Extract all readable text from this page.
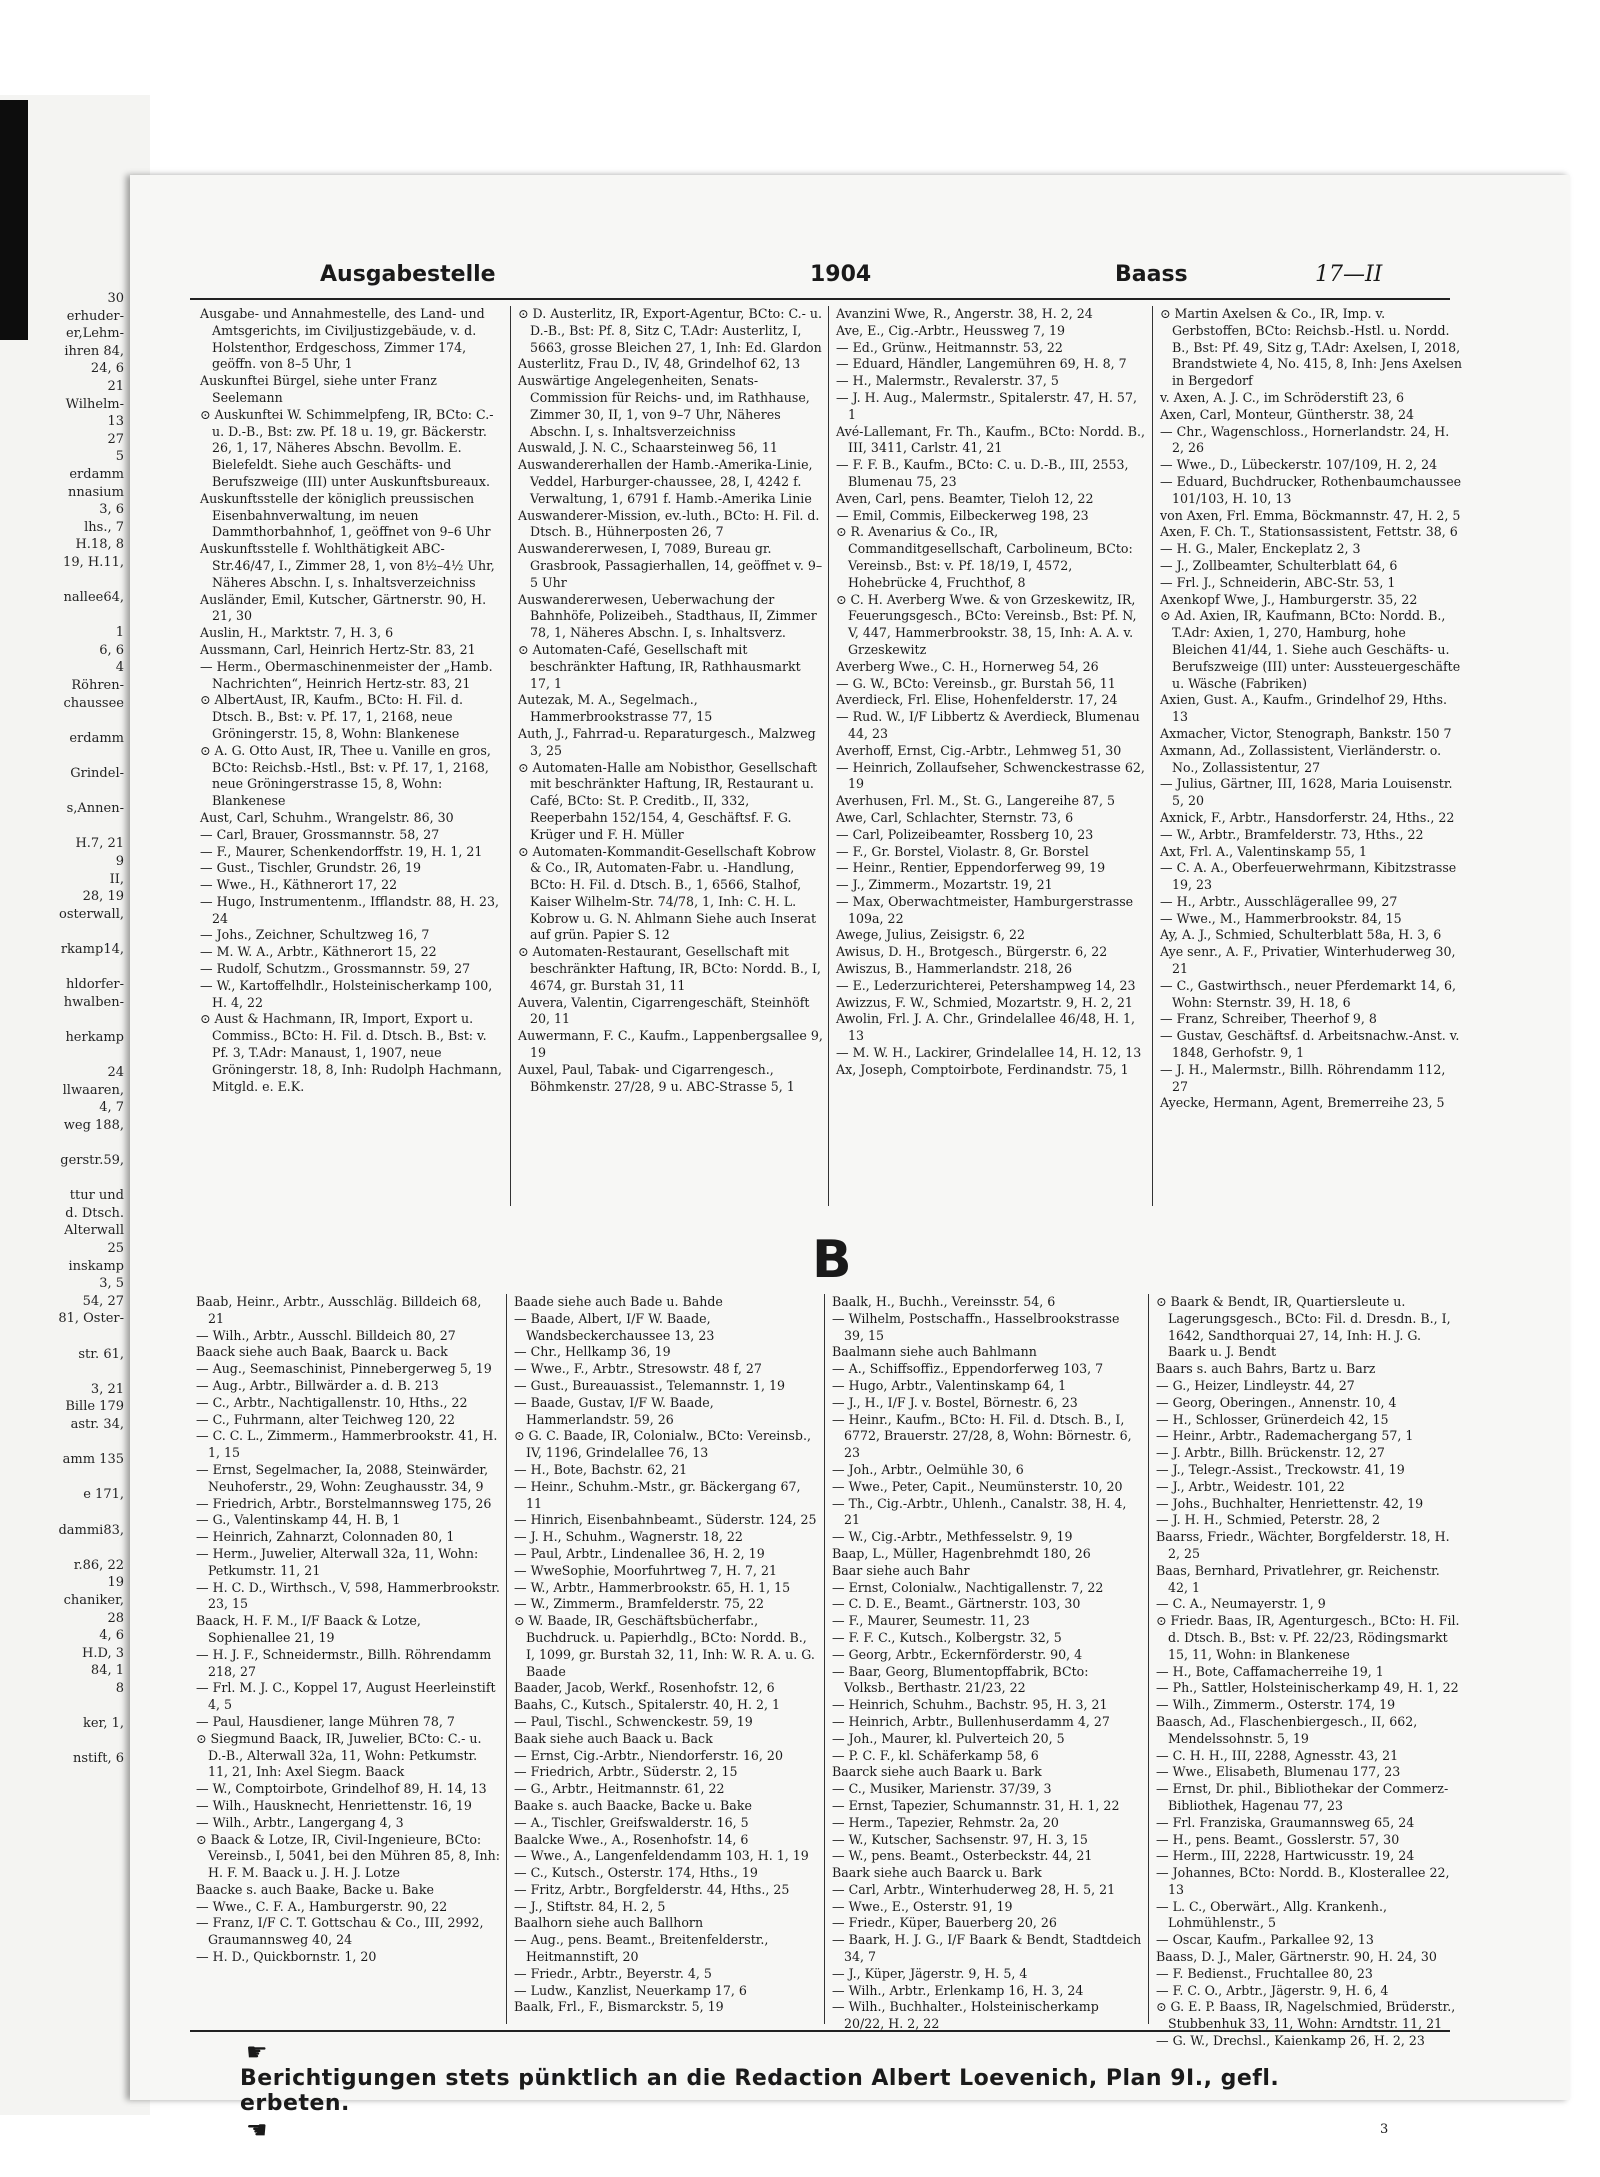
30
erhuder-
er,Lehm-
ihren 84,
24, 6
21
Wilhelm-
13
27
5
erdamm
nnasium
3, 6
lhs., 7
H.18, 8
19, H.11,

nallee64,

1
6, 6
4
Röhren-
chaussee

erdamm

Grindel-

s,Annen-

H.7, 21
9
II,
28, 19
osterwall,

rkamp14,

hldorfer-
hwalben-

herkamp

24
llwaaren,
4, 7
weg 188,

gerstr.59,

ttur und
d. Dtsch.
Alterwall
25
inskamp
3, 5
54, 27
81, Oster-

str. 61,

3, 21
Bille 179
astr. 34,

amm 135

e 171,

dammi83,

r.86, 22
19
chaniker,
28
4, 6
H.D, 3
84, 1
8

ker, 1,

nstift, 6
Ausgabestelle	1904	Baass	17—II
Ausgabe- und Annahmestelle, des Land- und Amtsgerichts, im Civiljustizgebäude, v. d. Holstenthor, Erdgeschoss, Zimmer 174, geöffn. von 8–5 Uhr, 1
Auskunftei Bürgel, siehe unter Franz Seelemann
⊙ Auskunftei W. Schimmelpfeng, IR, BCto: C.- u. D.-B., Bst: zw. Pf. 18 u. 19, gr. Bäckerstr. 26, 1, 17, Näheres Abschn. Bevollm. E. Bielefeldt. Siehe auch Geschäfts- und Berufszweige (III) unter Auskunftsbureaux.
Auskunftsstelle der königlich preussischen Eisenbahnverwaltung, im neuen Dammthorbahnhof, 1, geöffnet von 9–6 Uhr
Auskunftsstelle f. Wohlthätigkeit ABC-Str.46/47, I., Zimmer 28, 1, von 8½–4½ Uhr, Näheres Abschn. I, s. Inhaltsverzeichniss
Ausländer, Emil, Kutscher, Gärtnerstr. 90, H. 21, 30
Auslin, H., Marktstr. 7, H. 3, 6
Aussmann, Carl, Heinrich Hertz-Str. 83, 21
— Herm., Obermaschinenmeister der „Hamb. Nachrichten“, Heinrich Hertz-str. 83, 21
⊙ AlbertAust, IR, Kaufm., BCto: H. Fil. d. Dtsch. B., Bst: v. Pf. 17, 1, 2168, neue Gröningerstr. 15, 8, Wohn: Blankenese
⊙ A. G. Otto Aust, IR, Thee u. Vanille en gros, BCto: Reichsb.-Hstl., Bst: v. Pf. 17, 1, 2168, neue Gröningerstrasse 15, 8, Wohn: Blankenese
Aust, Carl, Schuhm., Wrangelstr. 86, 30
— Carl, Brauer, Grossmannstr. 58, 27
— F., Maurer, Schenkendorffstr. 19, H. 1, 21
— Gust., Tischler, Grundstr. 26, 19
— Wwe., H., Käthnerort 17, 22
— Hugo, Instrumentenm., Ifflandstr. 88, H. 23, 24
— Johs., Zeichner, Schultzweg 16, 7
— M. W. A., Arbtr., Käthnerort 15, 22
— Rudolf, Schutzm., Grossmannstr. 59, 27
— W., Kartoffelhdlr., Holsteinischerkamp 100, H. 4, 22
⊙ Aust & Hachmann, IR, Import, Export u. Commiss., BCto: H. Fil. d. Dtsch. B., Bst: v. Pf. 3, T.Adr: Manaust, 1, 1907, neue Gröningerstr. 18, 8, Inh: Rudolph Hachmann, Mitgld. e. E.K.
⊙ D. Austerlitz, IR, Export-Agentur, BCto: C.- u. D.-B., Bst: Pf. 8, Sitz C, T.Adr: Austerlitz, I, 5663, grosse Bleichen 27, 1, Inh: Ed. Glardon
Austerlitz, Frau D., IV, 48, Grindelhof 62, 13
Auswärtige Angelegenheiten, Senats-Commission für Reichs- und, im Rathhause, Zimmer 30, II, 1, von 9–7 Uhr, Näheres Abschn. I, s. Inhaltsverzeichniss
Auswald, J. N. C., Schaarsteinweg 56, 11
Auswandererhallen der Hamb.-Amerika-Linie, Veddel, Harburger-chaussee, 28, I, 4242 f. Verwaltung, 1, 6791 f. Hamb.-Amerika Linie
Auswanderer-Mission, ev.-luth., BCto: H. Fil. d. Dtsch. B., Hühnerposten 26, 7
Auswandererwesen, I, 7089, Bureau gr. Grasbrook, Passagierhallen, 14, geöffnet v. 9–5 Uhr
Auswandererwesen, Ueberwachung der Bahnhöfe, Polizeibeh., Stadthaus, II, Zimmer 78, 1, Näheres Abschn. I, s. Inhaltsverz.
⊙ Automaten-Café, Gesellschaft mit beschränkter Haftung, IR, Rathhausmarkt 17, 1
Autezak, M. A., Segelmach., Hammerbrookstrasse 77, 15
Auth, J., Fahrrad-u. Reparaturgesch., Malzweg 3, 25
⊙ Automaten-Halle am Nobisthor, Gesellschaft mit beschränkter Haftung, IR, Restaurant u. Café, BCto: St. P. Creditb., II, 332, Reeperbahn 152/154, 4, Geschäftsf. F. G. Krüger und F. H. Müller
⊙ Automaten-Kommandit-Gesellschaft Kobrow & Co., IR, Automaten-Fabr. u. -Handlung, BCto: H. Fil. d. Dtsch. B., 1, 6566, Stalhof, Kaiser Wilhelm-Str. 74/78, 1, Inh: C. H. L. Kobrow u. G. N. Ahlmann Siehe auch Inserat auf grün. Papier S. 12
⊙ Automaten-Restaurant, Gesellschaft mit beschränkter Haftung, IR, BCto: Nordd. B., I, 4674, gr. Burstah 31, 11
Auvera, Valentin, Cigarrengeschäft, Steinhöft 20, 11
Auwermann, F. C., Kaufm., Lappenbergsallee 9, 19
Auxel, Paul, Tabak- und Cigarrengesch., Böhmkenstr. 27/28, 9 u. ABC-Strasse 5, 1
Avanzini Wwe, R., Angerstr. 38, H. 2, 24
Ave, E., Cig.-Arbtr., Heussweg 7, 19
— Ed., Grünw., Heitmannstr. 53, 22
— Eduard, Händler, Langemühren 69, H. 8, 7
— H., Malermstr., Revalerstr. 37, 5
— J. H. Aug., Malermstr., Spitalerstr. 47, H. 57, 1
Avé-Lallemant, Fr. Th., Kaufm., BCto: Nordd. B., III, 3411, Carlstr. 41, 21
— F. F. B., Kaufm., BCto: C. u. D.-B., III, 2553, Blumenau 75, 23
Aven, Carl, pens. Beamter, Tieloh 12, 22
— Emil, Commis, Eilbeckerweg 198, 23
⊙ R. Avenarius & Co., IR, Commanditgesellschaft, Carbolineum, BCto: Vereinsb., Bst: v. Pf. 18/19, I, 4572, Hohebrücke 4, Fruchthof, 8
⊙ C. H. Averberg Wwe. & von Grzeskewitz, IR, Feuerungsgesch., BCto: Vereinsb., Bst: Pf. N, V, 447, Hammerbrookstr. 38, 15, Inh: A. A. v. Grzeskewitz
Averberg Wwe., C. H., Hornerweg 54, 26
— G. W., BCto: Vereinsb., gr. Burstah 56, 11
Averdieck, Frl. Elise, Hohenfelderstr. 17, 24
— Rud. W., I/F Libbertz & Averdieck, Blumenau 44, 23
Averhoff, Ernst, Cig.-Arbtr., Lehmweg 51, 30
— Heinrich, Zollaufseher, Schwenckestrasse 62, 19
Averhusen, Frl. M., St. G., Langereihe 87, 5
Awe, Carl, Schlachter, Sternstr. 73, 6
— Carl, Polizeibeamter, Rossberg 10, 23
— F., Gr. Borstel, Violastr. 8, Gr. Borstel
— Heinr., Rentier, Eppendorferweg 99, 19
— J., Zimmerm., Mozartstr. 19, 21
— Max, Oberwachtmeister, Hamburgerstrasse 109a, 22
Awege, Julius, Zeisigstr. 6, 22
Awisus, D. H., Brotgesch., Bürgerstr. 6, 22
Awiszus, B., Hammerlandstr. 218, 26
— E., Lederzurichterei, Petershampweg 14, 23
Awizzus, F. W., Schmied, Mozartstr. 9, H. 2, 21
Awolin, Frl. J. A. Chr., Grindelallee 46/48, H. 1, 13
— M. W. H., Lackirer, Grindelallee 14, H. 12, 13
Ax, Joseph, Comptoirbote, Ferdinandstr. 75, 1
⊙ Martin Axelsen & Co., IR, Imp. v. Gerbstoffen, BCto: Reichsb.-Hstl. u. Nordd. B., Bst: Pf. 49, Sitz g, T.Adr: Axelsen, I, 2018, Brandstwiete 4, No. 415, 8, Inh: Jens Axelsen in Bergedorf
v. Axen, A. J. C., im Schröderstift 23, 6
Axen, Carl, Monteur, Güntherstr. 38, 24
— Chr., Wagenschloss., Hornerlandstr. 24, H. 2, 26
— Wwe., D., Lübeckerstr. 107/109, H. 2, 24
— Eduard, Buchdrucker, Rothenbaumchaussee 101/103, H. 10, 13
von Axen, Frl. Emma, Böckmannstr. 47, H. 2, 5
Axen, F. Ch. T., Stationsassistent, Fettstr. 38, 6
— H. G., Maler, Enckeplatz 2, 3
— J., Zollbeamter, Schulterblatt 64, 6
— Frl. J., Schneiderin, ABC-Str. 53, 1
Axenkopf Wwe, J., Hamburgerstr. 35, 22
⊙ Ad. Axien, IR, Kaufmann, BCto: Nordd. B., T.Adr: Axien, 1, 270, Hamburg, hohe Bleichen 41/44, 1. Siehe auch Geschäfts- u. Berufszweige (III) unter: Aussteuergeschäfte u. Wäsche (Fabriken)
Axien, Gust. A., Kaufm., Grindelhof 29, Hths. 13
Axmacher, Victor, Stenograph, Bankstr. 150 7
Axmann, Ad., Zollassistent, Vierländerstr. o. No., Zollassistentur, 27
— Julius, Gärtner, III, 1628, Maria Louisenstr. 5, 20
Axnick, F., Arbtr., Hansdorferstr. 24, Hths., 22
— W., Arbtr., Bramfelderstr. 73, Hths., 22
Axt, Frl. A., Valentinskamp 55, 1
— C. A. A., Oberfeuerwehrmann, Kibitzstrasse 19, 23
— H., Arbtr., Ausschlägerallee 99, 27
— Wwe., M., Hammerbrookstr. 84, 15
Ay, A. J., Schmied, Schulterblatt 58a, H. 3, 6
Aye senr., A. F., Privatier, Winterhuderweg 30, 21
— C., Gastwirthsch., neuer Pferdemarkt 14, 6, Wohn: Sternstr. 39, H. 18, 6
— Franz, Schreiber, Theerhof 9, 8
— Gustav, Geschäftsf. d. Arbeitsnachw.-Anst. v. 1848, Gerhofstr. 9, 1
— J. H., Malermstr., Billh. Röhrendamm 112, 27
Ayecke, Hermann, Agent, Bremerreihe 23, 5
B
Baab, Heinr., Arbtr., Ausschläg. Billdeich 68, 21
— Wilh., Arbtr., Ausschl. Billdeich 80, 27
Baack siehe auch Baak, Baarck u. Back
— Aug., Seemaschinist, Pinnebergerweg 5, 19
— Aug., Arbtr., Billwärder a. d. B. 213
— C., Arbtr., Nachtigallenstr. 10, Hths., 22
— C., Fuhrmann, alter Teichweg 120, 22
— C. C. L., Zimmerm., Hammerbrookstr. 41, H. 1, 15
— Ernst, Segelmacher, Ia, 2088, Steinwärder, Neuhoferstr., 29, Wohn: Zeughausstr. 34, 9
— Friedrich, Arbtr., Borstelmannsweg 175, 26
— G., Valentinskamp 44, H. B, 1
— Heinrich, Zahnarzt, Colonnaden 80, 1
— Herm., Juwelier, Alterwall 32a, 11, Wohn: Petkumstr. 11, 21
— H. C. D., Wirthsch., V, 598, Hammerbrookstr. 23, 15
Baack, H. F. M., I/F Baack & Lotze, Sophienallee 21, 19
— H. J. F., Schneidermstr., Billh. Röhrendamm 218, 27
— Frl. M. J. C., Koppel 17, August Heerleinstift 4, 5
— Paul, Hausdiener, lange Mühren 78, 7
⊙ Siegmund Baack, IR, Juwelier, BCto: C.- u. D.-B., Alterwall 32a, 11, Wohn: Petkumstr. 11, 21, Inh: Axel Siegm. Baack
— W., Comptoirbote, Grindelhof 89, H. 14, 13
— Wilh., Hausknecht, Henriettenstr. 16, 19
— Wilh., Arbtr., Langergang 4, 3
⊙ Baack & Lotze, IR, Civil-Ingenieure, BCto: Vereinsb., I, 5041, bei den Mühren 85, 8, Inh: H. F. M. Baack u. J. H. J. Lotze
Baacke s. auch Baake, Backe u. Bake
— Wwe., C. F. A., Hamburgerstr. 90, 22
— Franz, I/F C. T. Gottschau & Co., III, 2992, Graumannsweg 40, 24
— H. D., Quickbornstr. 1, 20
Baade siehe auch Bade u. Bahde
— Baade, Albert, I/F W. Baade, Wandsbeckerchaussee 13, 23
— Chr., Hellkamp 36, 19
— Wwe., F., Arbtr., Stresowstr. 48 f, 27
— Gust., Bureauassist., Telemannstr. 1, 19
— Baade, Gustav, I/F W. Baade, Hammerlandstr. 59, 26
⊙ G. C. Baade, IR, Colonialw., BCto: Vereinsb., IV, 1196, Grindelallee 76, 13
— H., Bote, Bachstr. 62, 21
— Heinr., Schuhm.-Mstr., gr. Bäckergang 67, 11
— Hinrich, Eisenbahnbeamt., Süderstr. 124, 25
— J. H., Schuhm., Wagnerstr. 18, 22
— Paul, Arbtr., Lindenallee 36, H. 2, 19
— WweSophie, Moorfuhrtweg 7, H. 7, 21
— W., Arbtr., Hammerbrookstr. 65, H. 1, 15
— W., Zimmerm., Bramfelderstr. 75, 22
⊙ W. Baade, IR, Geschäftsbücherfabr., Buchdruck. u. Papierhdlg., BCto: Nordd. B., I, 1099, gr. Burstah 32, 11, Inh: W. R. A. u. G. Baade
Baader, Jacob, Werkf., Rosenhofstr. 12, 6
Baahs, C., Kutsch., Spitalerstr. 40, H. 2, 1
— Paul, Tischl., Schwenckestr. 59, 19
Baak siehe auch Baack u. Back
— Ernst, Cig.-Arbtr., Niendorferstr. 16, 20
— Friedrich, Arbtr., Süderstr. 2, 15
— G., Arbtr., Heitmannstr. 61, 22
Baake s. auch Baacke, Backe u. Bake
— A., Tischler, Greifswalderstr. 16, 5
Baalcke Wwe., A., Rosenhofstr. 14, 6
— Wwe., A., Langenfeldendamm 103, H. 1, 19
— C., Kutsch., Osterstr. 174, Hths., 19
— Fritz, Arbtr., Borgfelderstr. 44, Hths., 25
— J., Stiftstr. 84, H. 2, 5
Baalhorn siehe auch Ballhorn
— Aug., pens. Beamt., Breitenfelderstr., Heitmannstift, 20
— Friedr., Arbtr., Beyerstr. 4, 5
— Ludw., Kanzlist, Neuerkamp 17, 6
Baalk, Frl., F., Bismarckstr. 5, 19
Baalk, H., Buchh., Vereinsstr. 54, 6
— Wilhelm, Postschaffn., Hasselbrookstrasse 39, 15
Baalmann siehe auch Bahlmann
— A., Schiffsoffiz., Eppendorferweg 103, 7
— Hugo, Arbtr., Valentinskamp 64, 1
— J., H., I/F J. v. Bostel, Börnestr. 6, 23
— Heinr., Kaufm., BCto: H. Fil. d. Dtsch. B., I, 6772, Brauerstr. 27/28, 8, Wohn: Börnestr. 6, 23
— Joh., Arbtr., Oelmühle 30, 6
— Wwe., Peter, Capit., Neumünsterstr. 10, 20
— Th., Cig.-Arbtr., Uhlenh., Canalstr. 38, H. 4, 21
— W., Cig.-Arbtr., Methfesselstr. 9, 19
Baap, L., Müller, Hagenbrehmdt 180, 26
Baar siehe auch Bahr
— Ernst, Colonialw., Nachtigallenstr. 7, 22
— C. D. E., Beamt., Gärtnerstr. 103, 30
— F., Maurer, Seumestr. 11, 23
— F. F. C., Kutsch., Kolbergstr. 32, 5
— Georg, Arbtr., Eckernförderstr. 90, 4
— Baar, Georg, Blumentopffabrik, BCto: Volksb., Berthastr. 21/23, 22
— Heinrich, Schuhm., Bachstr. 95, H. 3, 21
— Heinrich, Arbtr., Bullenhuserdamm 4, 27
— Joh., Maurer, kl. Pulverteich 20, 5
— P. C. F., kl. Schäferkamp 58, 6
Baarck siehe auch Baark u. Bark
— C., Musiker, Marienstr. 37/39, 3
— Ernst, Tapezier, Schumannstr. 31, H. 1, 22
— Herm., Tapezier, Rehmstr. 2a, 20
— W., Kutscher, Sachsenstr. 97, H. 3, 15
— W., pens. Beamt., Osterbeckstr. 44, 21
Baark siehe auch Baarck u. Bark
— Carl, Arbtr., Winterhuderweg 28, H. 5, 21
— Wwe., E., Osterstr. 91, 19
— Friedr., Küper, Bauerberg 20, 26
— Baark, H. J. G., I/F Baark & Bendt, Stadtdeich 34, 7
— J., Küper, Jägerstr. 9, H. 5, 4
— Wilh., Arbtr., Erlenkamp 16, H. 3, 24
— Wilh., Buchhalter., Holsteinischerkamp 20/22, H. 2, 22
⊙ Baark & Bendt, IR, Quartiersleute u. Lagerungsgesch., BCto: Fil. d. Dresdn. B., I, 1642, Sandthorquai 27, 14, Inh: H. J. G. Baark u. J. Bendt
Baars s. auch Bahrs, Bartz u. Barz
— G., Heizer, Lindleystr. 44, 27
— Georg, Oberingen., Annenstr. 10, 4
— H., Schlosser, Grünerdeich 42, 15
— Heinr., Arbtr., Rademachergang 57, 1
— J. Arbtr., Billh. Brückenstr. 12, 27
— J., Telegr.-Assist., Treckowstr. 41, 19
— J., Arbtr., Weidestr. 101, 22
— Johs., Buchhalter, Henriettenstr. 42, 19
— J. H. H., Schmied, Peterstr. 28, 2
Baarss, Friedr., Wächter, Borgfelderstr. 18, H. 2, 25
Baas, Bernhard, Privatlehrer, gr. Reichenstr. 42, 1
— C. A., Neumayerstr. 1, 9
⊙ Friedr. Baas, IR, Agenturgesch., BCto: H. Fil. d. Dtsch. B., Bst: v. Pf. 22/23, Rödingsmarkt 15, 11, Wohn: in Blankenese
— H., Bote, Caffamacherreihe 19, 1
— Ph., Sattler, Holsteinischerkamp 49, H. 1, 22
— Wilh., Zimmerm., Osterstr. 174, 19
Baasch, Ad., Flaschenbiergesch., II, 662, Mendelssohnstr. 5, 19
— C. H. H., III, 2288, Agnesstr. 43, 21
— Wwe., Elisabeth, Blumenau 177, 23
— Ernst, Dr. phil., Bibliothekar der Commerz-Bibliothek, Hagenau 77, 23
— Frl. Franziska, Graumannsweg 65, 24
— H., pens. Beamt., Gosslerstr. 57, 30
— Herm., III, 2228, Hartwicusstr. 19, 24
— Johannes, BCto: Nordd. B., Klosterallee 22, 13
— L. C., Oberwärt., Allg. Krankenh., Lohmühlenstr., 5
— Oscar, Kaufm., Parkallee 92, 13
Baass, D. J., Maler, Gärtnerstr. 90, H. 24, 30
— F. Bedienst., Fruchtallee 80, 23
— F. C. O., Arbtr., Jägerstr. 9, H. 6, 4
⊙ G. E. P. Baass, IR, Nagelschmied, Brüderstr., Stubbenhuk 33, 11, Wohn: Arndtstr. 11, 21
— G. W., Drechsl., Kaienkamp 26, H. 2, 23
☛ Berichtigungen stets pünktlich an die Redaction Albert Loevenich, Plan 9I., gefl. erbeten. ☚	3
